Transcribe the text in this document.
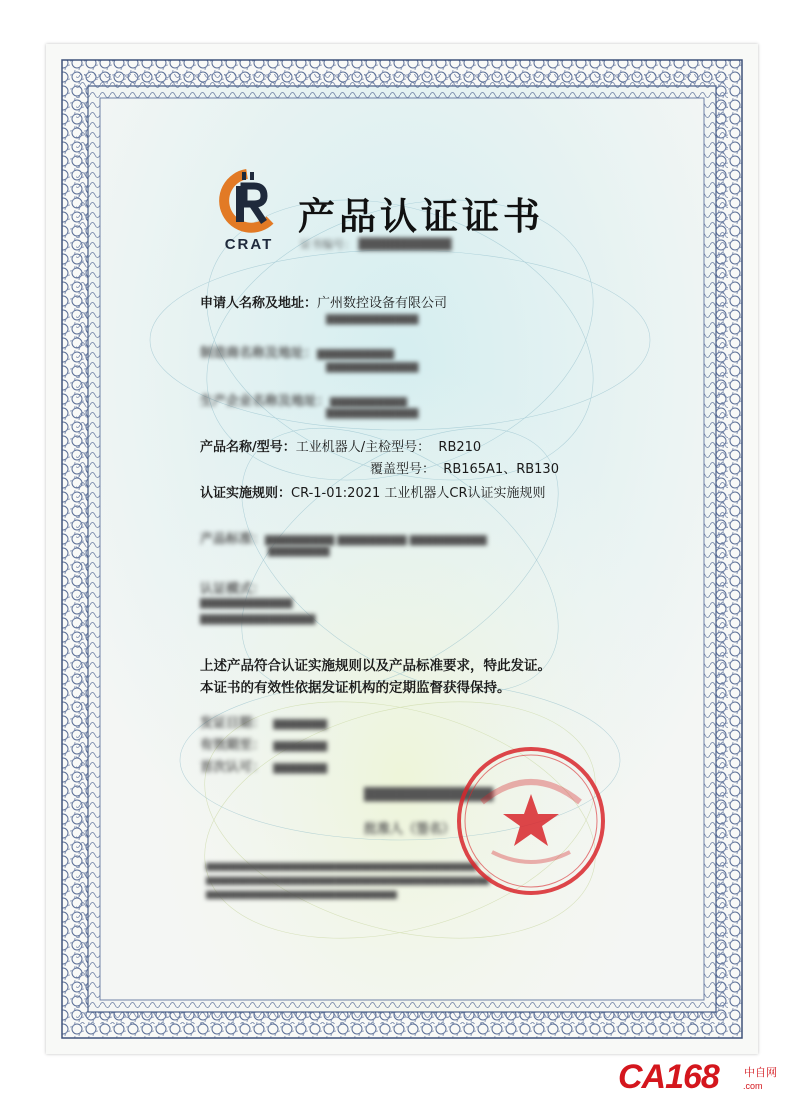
CRAT
产品认证证书
证书编号： ███████████
申请人名称及地址：广州数控设备有限公司
▇▇▇▇▇▇▇▇▇▇▇▇
制造商名称及地址：▇▇▇▇▇▇▇▇▇▇
▇▇▇▇▇▇▇▇▇▇▇▇
生产企业名称及地址：▇▇▇▇▇▇▇▇▇▇
▇▇▇▇▇▇▇▇▇▇▇▇
产品名称/型号：工业机器人/主检型号： RB210
覆盖型号： RB165A1、RB130
认证实施规则：CR-1-01:2021 工业机器人CR认证实施规则
产品标准：▇▇▇▇▇▇▇▇▇ ▇▇▇▇▇▇▇▇▇ ▇▇▇▇▇▇▇▇▇▇
▇▇▇▇▇▇▇▇
认证模式：
▇▇▇▇▇▇▇▇▇▇▇▇
▇▇▇▇▇▇▇▇▇▇▇▇▇▇▇
上述产品符合认证实施规则以及产品标准要求，特此发证。
本证书的有效性依据发证机构的定期监督获得保持。
发证日期： ▇▇▇▇▇▇▇
有效期至： ▇▇▇▇▇▇▇
首次认可： ▇▇▇▇▇▇▇
▇▇▇▇▇▇▇▇▇▇▇▇
批准人（签名）
▇▇▇▇▇▇▇▇▇▇▇▇▇▇▇▇▇▇▇▇▇▇▇▇▇▇▇▇▇▇▇▇▇▇▇▇▇▇▇▇▇▇▇▇
▇▇▇▇▇▇▇▇▇▇▇▇▇▇▇▇▇▇▇▇▇▇▇▇▇▇▇▇▇▇▇▇▇▇▇▇▇▇▇▇▇▇▇▇▇▇
▇▇▇▇▇▇▇▇▇▇▇▇▇▇▇▇▇▇▇▇▇▇▇▇▇▇▇▇▇▇▇
CA168 中自网
.com
